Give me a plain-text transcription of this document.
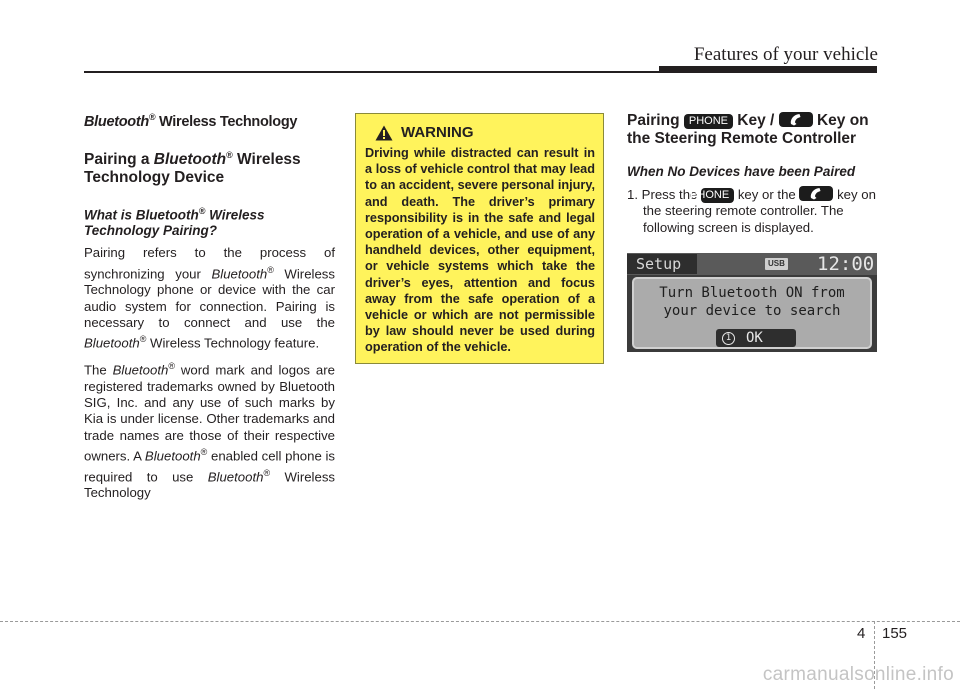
Features of your vehicle
Bluetooth® Wireless Technology
Pairing a Bluetooth® Wireless Technology Device
What is Bluetooth® Wireless Technology Pairing?

Pairing refers to the process of synchronizing your Bluetooth® Wireless Technology phone or device with the car audio system for connection. Pairing is necessary to connect and use the Bluetooth® Wireless Technology feature.

The Bluetooth® word mark and logos are registered trademarks owned by Bluetooth SIG, Inc. and any use of such marks by Kia is under license. Other trademarks and trade names are those of their respective owners. A Bluetooth® enabled cell phone is required to use Bluetooth® Wireless Technology

WARNING
Driving while distracted can result in a loss of vehicle control that may lead to an accident, severe personal injury, and death. The driver’s primary responsibility is in the safe and legal operation of a vehicle, and use of any handheld devices, other equipment, or vehicle systems which take the driver’s eyes, attention and focus away from the safe operation of a vehicle or which are not permissible by law should never be used during operation of the vehicle.
Pairing PHONE Key /
Key on the Steering Remote Controller
When No Devices have been Paired

1. Press the PHONE key or the	key on the steering remote controller. The following screen is displayed.

Setup	USB 12:00
Turn Bluetooth ON from
your device to search
1 OK
4 155
carmanualsonline.info
